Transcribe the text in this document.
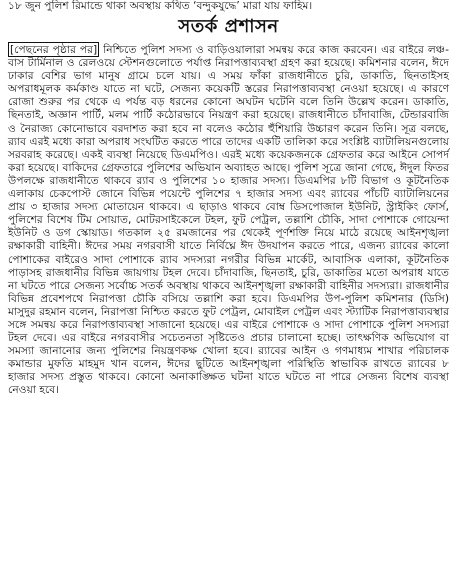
১৮ জুন পুলিশ রিমান্ডে থাকা অবস্থায় কথিত ‘বন্দুকযুদ্ধে’ মারা যায় ফাহিম।
সতর্ক প্রশাসন

[পেছনের পৃষ্ঠার পর] নিশ্চিতে পুলিশ সদস্য ও বাড়িওয়ালারা সমন্বয় করে কাজ করবেন। এর বাইরে লঞ্চ-বাস টার্মিনাল ও রেলওয়ে স্টেশনগুলোতে পর্যাপ্ত নিরাপত্তাব্যবস্থা গ্রহণ করা হয়েছে। কমিশনার বলেন, ঈদে ঢাকার বেশির ভাগ মানুষ গ্রামে চলে যায়। এ সময় ফাঁকা রাজধানীতে চুরি, ডাকাতি, ছিনতাইসহ অপরাধমূলক কর্মকাণ্ড যাতে না ঘটে, সেজন্য কয়েকটি স্তরের নিরাপত্তাব্যবস্থা নেওয়া হয়েছে। এ কারণে রোজা শুরুর পর থেকে এ পর্যন্ত বড় ধরনের কোনো অঘটন ঘটেনি বলে তিনি উল্লেখ করেন। ডাকাতি, ছিনতাই, অজ্ঞান পার্টি, মলম পার্টি কঠোরভাবে নিয়ন্ত্রণ করা হয়েছে। রাজধানীতে চাঁদাবাজি, টেন্ডারবাজি ও নৈরাজ্য কোনোভাবে বরদাশত করা হবে না বলেও কঠোর হুঁশিয়ারি উচ্চারণ করেন তিনি। সূত্র বলছে, র‍্যাব এরই মধ্যে কারা অপরাধ সংঘটিত করতে পারে তাদের একটি তালিকা করে সংশ্লিষ্ট ব্যাটালিয়নগুলোয় সরবরাহ করেছে। একই ব্যবস্থা নিয়েছে ডিএমপিও। এরই মধ্যে কয়েকজনকে গ্রেফতার করে আইনে সোপর্দ করা হয়েছে। বাকিদের গ্রেফতারে পুলিশের অভিযান অব্যাহত আছে। পুলিশ সূত্রে জানা গেছে, ঈদুল ফিতর উপলক্ষে রাজধানীতে থাকবে র‍্যাব ও পুলিশের ১০ হাজার সদস্য। ডিএমপির ৮টি বিভাগ ও কূটনৈতিক এলাকায় চেকপোস্ট জোনে বিভিন্ন পয়েন্টে পুলিশের ৭ হাজার সদস্য এবং র‍্যাবের পাঁচটি ব্যাটালিয়নের প্রায় ৩ হাজার সদস্য মোতায়েন থাকবে। এ ছাড়াও থাকবে বোম্ব ডিসপোজাল ইউনিট, স্ট্রাইকিং ফোর্স, পুলিশের বিশেষ টিম সোয়াত, মোটরসাইকেলে টহল, ফুট পেট্রল, তল্লাশি চৌকি, সাদা পোশাকে গোয়েন্দা ইউনিট ও ডগ স্কোয়াড। গতকাল ২৫ রমজানের পর থেকেই পূর্ণশক্তি নিয়ে মাঠে রয়েছে আইনশৃঙ্খলা রক্ষাকারী বাহিনী। ঈদের সময় নগরবাসী যাতে নির্বিঘ্নে ঈদ উদযাপন করতে পারে, এজন্য র‍্যাবের কালো পোশাকের বাইরেও সাদা পোশাকে র‍্যাব সদস্যরা নগরীর বিভিন্ন মার্কেট, আবাসিক এলাকা, কূটনৈতিক পাড়াসহ রাজধানীর বিভিন্ন জায়গায় টহল দেবে। চাঁদাবাজি, ছিনতাই, চুরি, ডাকাতির মতো অপরাধ যাতে না ঘটতে পারে সেজন্য সর্বোচ্চ সতর্ক অবস্থায় থাকবে আইনশৃঙ্খলা রক্ষাকারী বাহিনীর সদস্যরা। রাজধানীর বিভিন্ন প্রবেশপথে নিরাপত্তা চৌকি বসিয়ে তল্লাশি করা হবে। ডিএমপির উপ-পুলিশ কমিশনার (ডিসি) মাসুদুর রহমান বলেন, নিরাপত্তা নিশ্চিত করতে ফুট পেট্রল, মোবাইল পেট্রল এবং স্ট্যাটিক নিরাপত্তাব্যবস্থার সঙ্গে সমন্বয় করে নিরাপত্তাব্যবস্থা সাজানো হয়েছে। এর বাইরে পোশাকে ও সাদা পোশাকে পুলিশ সদস্যরা টহল দেবে। এর বাইরে নগরবাসীর সচেতনতা সৃষ্টিতেও প্রচার চালানো হচ্ছে। তাৎক্ষণিক অভিযোগ বা সমস্যা জানানোর জন্য পুলিশের নিয়ন্ত্রণকক্ষ খোলা হবে। র‍্যাবের আইন ও গণমাধ্যম শাখার পরিচালক কমান্ডার মুফতি মাহমুদ খান বলেন, ঈদের ছুটিতে আইনশৃঙ্খলা পরিস্থিতি স্বাভাবিক রাখতে র‍্যাবের ৮ হাজার সদস্য প্রস্তুত থাকবে। কোনো অনাকাঙ্ক্ষিত ঘটনা যাতে ঘটতে না পারে সেজন্য বিশেষ ব্যবস্থা নেওয়া হবে।
